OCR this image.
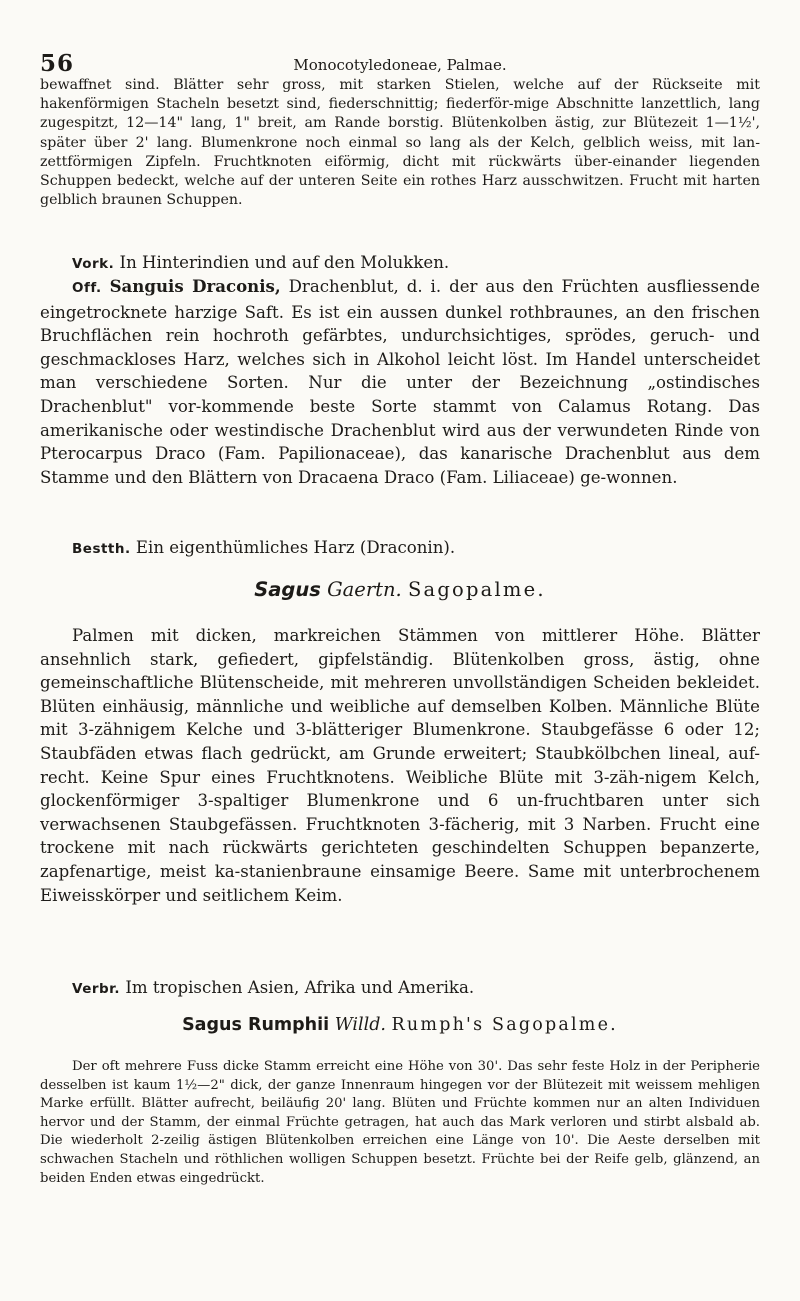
56	Monocotyledoneae, Palmae.

bewaffnet sind. Blätter sehr gross, mit starken Stielen, welche auf der Rückseite mit hakenförmigen Stacheln besetzt sind, fiederschnittig; fiederför-mige Abschnitte lanzettlich, lang zugespitzt, 12—14" lang, 1" breit, am Rande borstig. Blütenkolben ästig, zur Blütezeit 1—1½', später über 2' lang. Blumenkrone noch einmal so lang als der Kelch, gelblich weiss, mit lan-zettförmigen Zipfeln. Fruchtknoten eiförmig, dicht mit rückwärts über-einander liegenden Schuppen bedeckt, welche auf der unteren Seite ein rothes Harz ausschwitzen. Frucht mit harten gelblich braunen Schuppen.

Vork. In Hinterindien und auf den Molukken.

Off. Sanguis Draconis, Drachenblut, d. i. der aus den Früchten ausfliessende eingetrocknete harzige Saft. Es ist ein aussen dunkel rothbraunes, an den frischen Bruchflächen rein hochroth gefärbtes, undurchsichtiges, sprödes, geruch- und geschmackloses Harz, welches sich in Alkohol leicht löst. Im Handel unterscheidet man verschiedene Sorten. Nur die unter der Bezeichnung „ostindisches Drachenblut" vor-kommende beste Sorte stammt von Calamus Rotang. Das amerikanische oder westindische Drachenblut wird aus der verwundeten Rinde von Pterocarpus Draco (Fam. Papilionaceae), das kanarische Drachenblut aus dem Stamme und den Blättern von Dracaena Draco (Fam. Liliaceae) ge-wonnen.

Bestth. Ein eigenthümliches Harz (Draconin).

Sagus Gaertn. Sagopalme.

Palmen mit dicken, markreichen Stämmen von mittlerer Höhe. Blätter ansehnlich stark, gefiedert, gipfelständig. Blütenkolben gross, ästig, ohne gemeinschaftliche Blütenscheide, mit mehreren unvollständigen Scheiden bekleidet. Blüten einhäusig, männliche und weibliche auf demselben Kolben. Männliche Blüte mit 3-zähnigem Kelche und 3-blätteriger Blumenkrone. Staubgefässe 6 oder 12; Staubfäden etwas flach gedrückt, am Grunde erweitert; Staubkölbchen lineal, auf-recht. Keine Spur eines Fruchtknotens. Weibliche Blüte mit 3-zäh-nigem Kelch, glockenförmiger 3-spaltiger Blumenkrone und 6 un-fruchtbaren unter sich verwachsenen Staubgefässen. Fruchtknoten 3-fächerig, mit 3 Narben. Frucht eine trockene mit nach rückwärts gerichteten geschindelten Schuppen bepanzerte, zapfenartige, meist ka-stanienbraune einsamige Beere. Same mit unterbrochenem Eiweisskörper und seitlichem Keim.

Verbr. Im tropischen Asien, Afrika und Amerika.

Sagus Rumphii Willd. Rumph's Sagopalme.

Der oft mehrere Fuss dicke Stamm erreicht eine Höhe von 30'. Das sehr feste Holz in der Peripherie desselben ist kaum 1½—2" dick, der ganze Innenraum hingegen vor der Blütezeit mit weissem mehligen Marke erfüllt. Blätter aufrecht, beiläufig 20' lang. Blüten und Früchte kommen nur an alten Individuen hervor und der Stamm, der einmal Früchte getragen, hat auch das Mark verloren und stirbt alsbald ab. Die wiederholt 2-zeilig ästigen Blütenkolben erreichen eine Länge von 10'. Die Aeste derselben mit schwachen Stacheln und röthlichen wolligen Schuppen besetzt. Früchte bei der Reife gelb, glänzend, an beiden Enden etwas eingedrückt.
